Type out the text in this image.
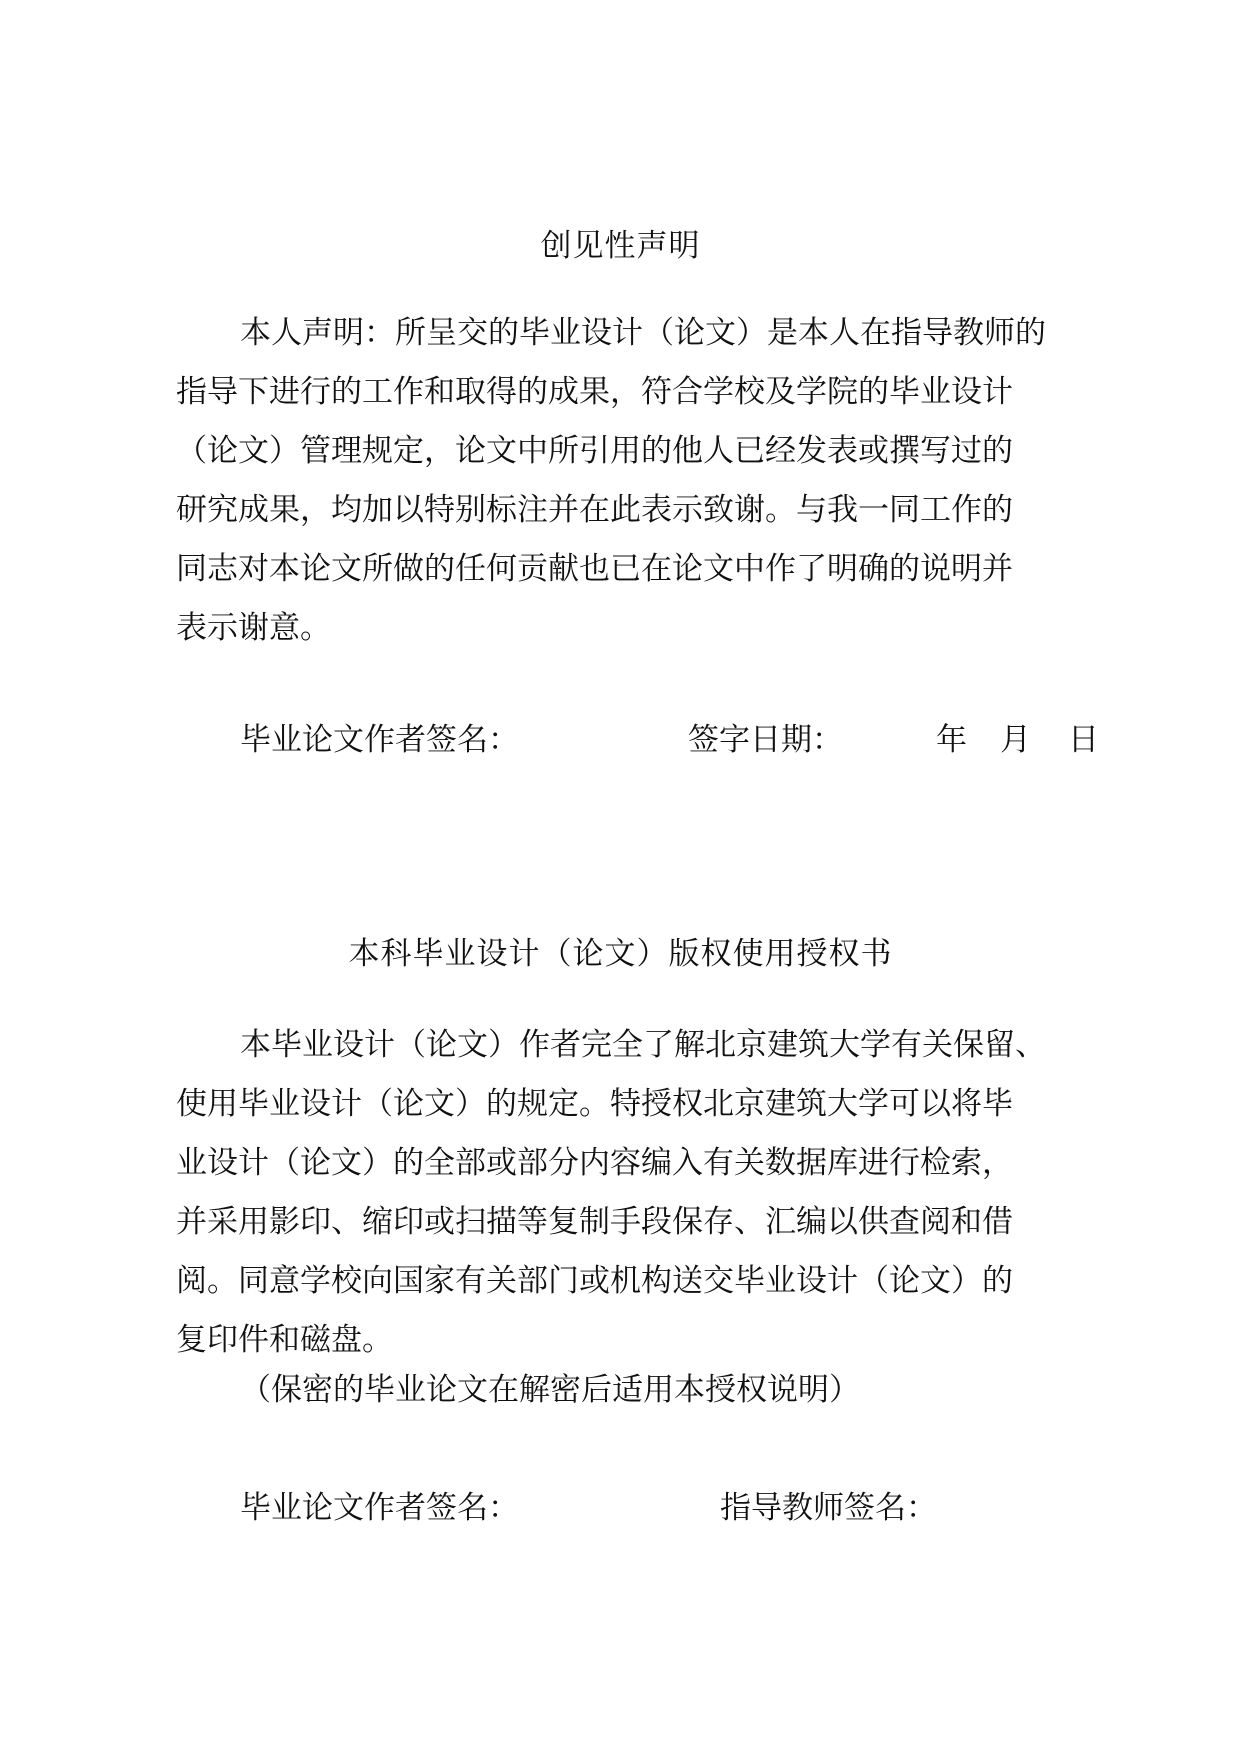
创见性声明
本人声明：所呈交的毕业设计（论文）是本人在指导教师的
指导下进行的工作和取得的成果，符合学校及学院的毕业设计
（论文）管理规定，论文中所引用的他人已经发表或撰写过的
研究成果，均加以特别标注并在此表示致谢。与我一同工作的
同志对本论文所做的任何贡献也已在论文中作了明确的说明并
表示谢意。
毕业论文作者签名：	签字日期：	年 月 日
本科毕业设计（论文）版权使用授权书
本毕业设计（论文）作者完全了解北京建筑大学有关保留、
使用毕业设计（论文）的规定。特授权北京建筑大学可以将毕
业设计（论文）的全部或部分内容编入有关数据库进行检索，
并采用影印、缩印或扫描等复制手段保存、汇编以供查阅和借
阅。同意学校向国家有关部门或机构送交毕业设计（论文）的
复印件和磁盘。
（保密的毕业论文在解密后适用本授权说明）
毕业论文作者签名：	指导教师签名：
